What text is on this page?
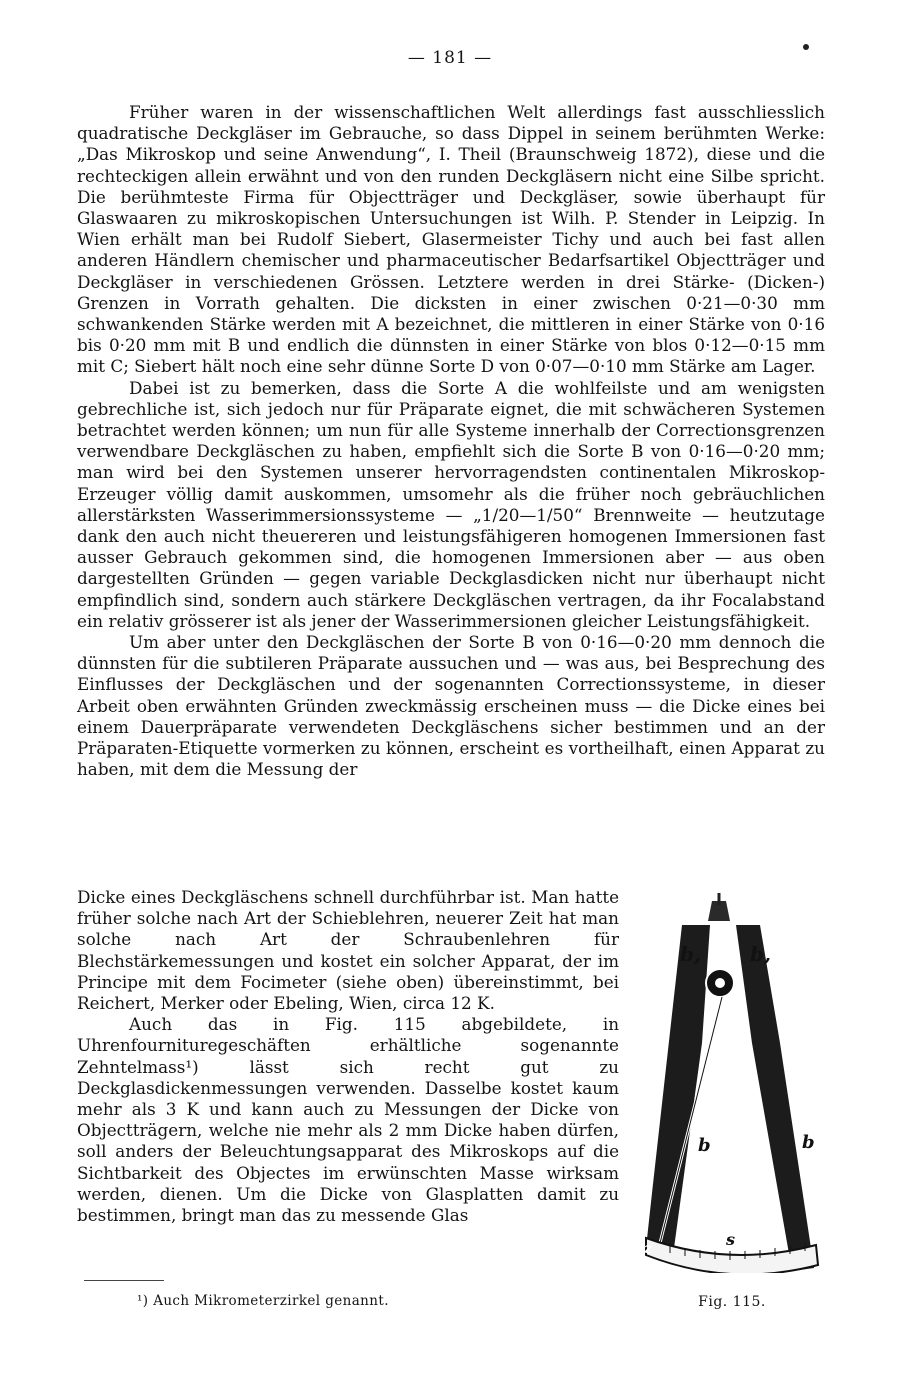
— 181 —

Früher waren in der wissenschaftlichen Welt allerdings fast ausschliesslich quadratische Deckgläser im Gebrauche, so dass Dippel in seinem berühmten Werke: „Das Mikroskop und seine Anwendung“, I. Theil (Braunschweig 1872), diese und die rechteckigen allein erwähnt und von den runden Deckgläsern nicht eine Silbe spricht. Die berühmteste Firma für Objectträger und Deckgläser, sowie überhaupt für Glaswaaren zu mikroskopischen Untersuchungen ist Wilh. P. Stender in Leipzig. In Wien erhält man bei Rudolf Siebert, Glasermeister Tichy und auch bei fast allen anderen Händlern chemischer und pharmaceutischer Bedarfsartikel Objectträger und Deckgläser in verschiedenen Grössen. Letztere werden in drei Stärke- (Dicken-) Grenzen in Vorrath gehalten. Die dicksten in einer zwischen 0·21—0·30 mm schwankenden Stärke werden mit A bezeichnet, die mittleren in einer Stärke von 0·16 bis 0·20 mm mit B und endlich die dünnsten in einer Stärke von blos 0·12—0·15 mm mit C; Siebert hält noch eine sehr dünne Sorte D von 0·07—0·10 mm Stärke am Lager.

Dabei ist zu bemerken, dass die Sorte A die wohlfeilste und am wenigsten gebrechliche ist, sich jedoch nur für Präparate eignet, die mit schwächeren Systemen betrachtet werden können; um nun für alle Systeme innerhalb der Correctionsgrenzen verwendbare Deckgläschen zu haben, empfiehlt sich die Sorte B von 0·16—0·20 mm; man wird bei den Systemen unserer hervorragendsten continentalen Mikroskop-Erzeuger völlig damit auskommen, umsomehr als die früher noch gebräuchlichen allerstärksten Wasserimmersionssysteme — „1/20—1/50“ Brennweite — heutzutage dank den auch nicht theuereren und leistungsfähigeren homogenen Immersionen fast ausser Gebrauch gekommen sind, die homogenen Immersionen aber — aus oben dargestellten Gründen — gegen variable Deckglasdicken nicht nur überhaupt nicht empfindlich sind, sondern auch stärkere Deckgläschen vertragen, da ihr Focalabstand ein relativ grösserer ist als jener der Wasserimmersionen gleicher Leistungsfähigkeit.

Um aber unter den Deckgläschen der Sorte B von 0·16—0·20 mm dennoch die dünnsten für die subtileren Präparate aussuchen und — was aus, bei Besprechung des Einflusses der Deckgläschen und der sogenannten Correctionssysteme, in dieser Arbeit oben erwähnten Gründen zweckmässig erscheinen muss — die Dicke eines bei einem Dauerpräparate verwendeten Deckgläschens sicher bestimmen und an der Präparaten-Etiquette vormerken zu können, erscheint es vortheilhaft, einen Apparat zu haben, mit dem die Messung der

Dicke eines Deckgläschens schnell durchführbar ist. Man hatte früher solche nach Art der Schieblehren, neuerer Zeit hat man solche nach Art der Schraubenlehren für Blechstärkemessungen und kostet ein solcher Apparat, der im Principe mit dem Focimeter (siehe oben) übereinstimmt, bei Reichert, Merker oder Ebeling, Wien, circa 12 K.

Auch das in Fig. 115 abgebildete, in Uhrenfournituregeschäften erhältliche sogenannte Zehntelmass¹) lässt sich recht gut zu Deckglasdickenmessungen verwenden. Dasselbe kostet kaum mehr als 3 K und kann auch zu Messungen der Dicke von Objectträgern, welche nie mehr als 2 mm Dicke haben dürfen, soll anders der Beleuchtungsapparat des Mikroskops auf die Sichtbarkeit des Objectes im erwünschten Masse wirksam werden, dienen. Um die Dicke von Glasplatten damit zu bestimmen, bringt man das zu messende Glas

b, g b,
f
b	b
s
z
Fig. 115.
¹) Auch Mikrometerzirkel genannt.
